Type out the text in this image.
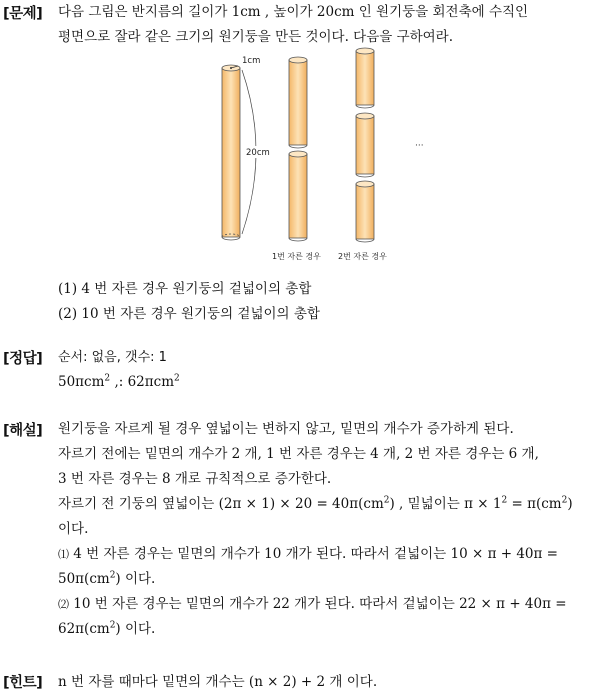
[문제] 다음 그림은 반지름의 길이가 1cm , 높이가 20cm 인 원기둥을 회전축에 수직인
평면으로 잘라 같은 크기의 원기둥을 만든 것이다. 다음을 구하여라.
1cm
20cm
···
1번 자른 경우 2번 자른 경우
(1) 4 번 자른 경우 원기둥의 겉넓이의 총합
(2) 10 번 자른 경우 원기둥의 겉넓이의 총합
[정답] 순서: 없음, 갯수: 1
50πcm$^2$ ,: 62πcm$^2$
[해설] 원기둥을 자르게 될 경우 옆넓이는 변하지 않고, 밑면의 개수가 증가하게 된다.
자르기 전에는 밑면의 개수가 2 개, 1 번 자른 경우는 4 개, 2 번 자른 경우는 6 개,
3 번 자른 경우는 8 개로 규칙적으로 증가한다.
자르기 전 기둥의 옆넓이는 $(2\pi \times 1) \times 20 = 40\pi(cm^2)$ , 밑넓이는 $\pi \times 1^2 = \pi(cm^2)$
이다.
⑴ 4 번 자른 경우는 밑면의 개수가 10 개가 된다. 따라서 겉넓이는 10 × π + 40π =
$50\pi(cm^2)$ 이다.
⑵ 10 번 자른 경우는 밑면의 개수가 22 개가 된다. 따라서 겉넓이는 22 × π + 40π =
$62\pi(cm^2)$ 이다.
[힌트] n 번 자를 때마다 밑면의 개수는 (n × 2) + 2 개 이다.
